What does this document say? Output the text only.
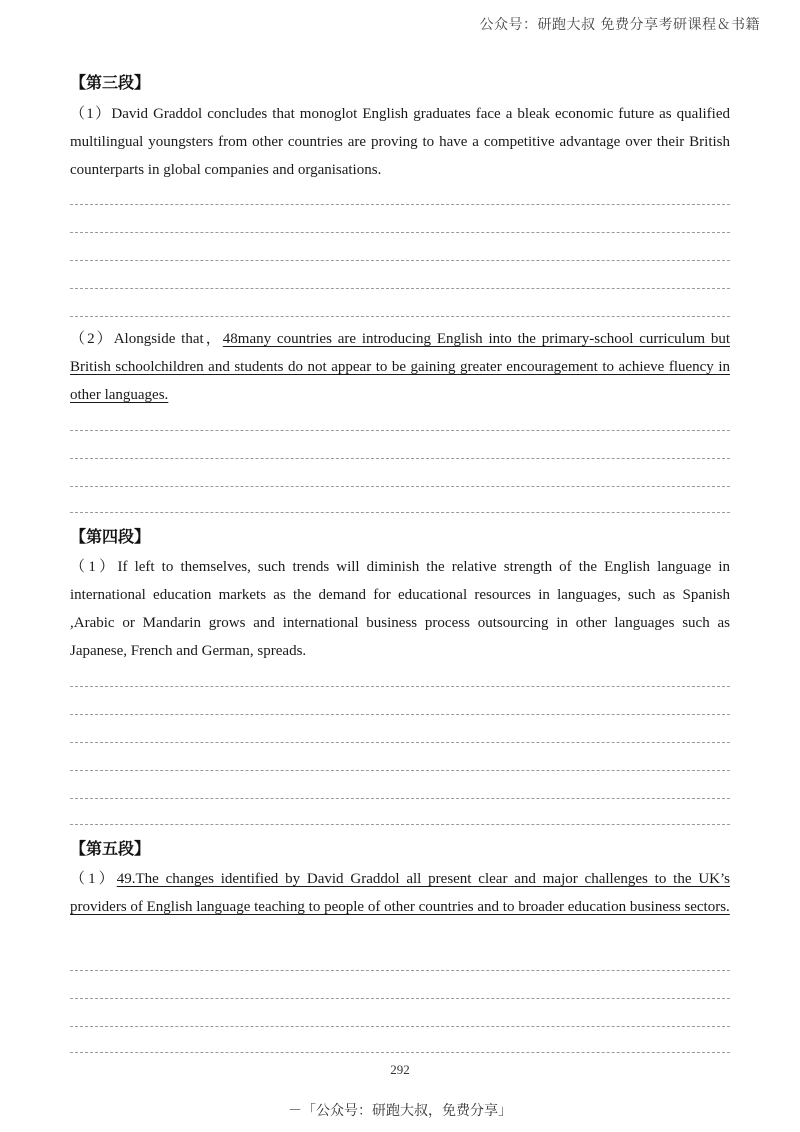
公众号：研跑大叔 免费分享考研课程＆书籍
【第三段】
（1）David Graddol concludes that monoglot English graduates face a bleak economic future as qualified multilingual youngsters from other countries are proving to have a competitive advantage over their British counterparts in global companies and organisations.
（2）Alongside that，48many countries are introducing English into the primary-school curriculum but British schoolchildren and students do not appear to be gaining greater encouragement to achieve fluency in other languages.
【第四段】
（1）If left to themselves, such trends will diminish the relative strength of the English language in international education markets as the demand for educational resources in languages, such as Spanish ,Arabic or Mandarin grows and international business process outsourcing in other languages such as Japanese, French and German, spreads.
【第五段】
（1）49.The changes identified by David Graddol all present clear and major challenges to the UK’s providers of English language teaching to people of other countries and to broader education business sectors.
292
－「公众号：研跑大叔，免费分享」
